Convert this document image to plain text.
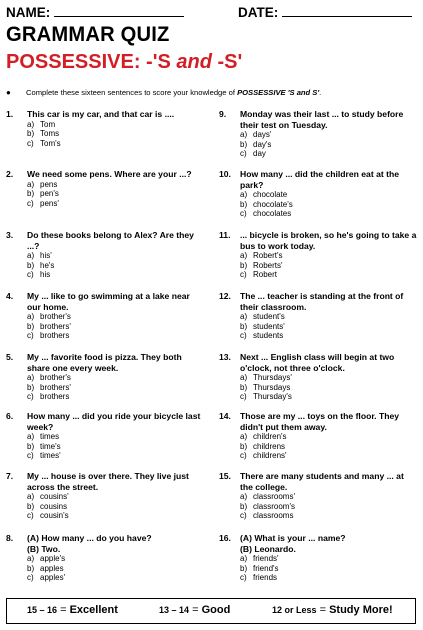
NAME:	DATE:
GRAMMAR QUIZ
POSSESSIVE: -'S and -S'
● Complete these sixteen sentences to score your knowledge of POSSESSIVE 'S and S'.
1.	This car is my car, and that car is ....
a) Tom
b) Toms
c) Tom's
2.	We need some pens. Where are your ...?
a) pens
b) pen's
c) pens'
3.	Do these books belong to Alex? Are they ...?
a) his'
b) he's
c) his
4.	My ... like to go swimming at a lake near our home.
a) brother's
b) brothers'
c) brothers
5.	My ... favorite food is pizza. They both share one every week.
a) brother's
b) brothers'
c) brothers
6.	How many ... did you ride your bicycle last week?
a) times
b) time's
c) times'
7.	My ... house is over there. They live just across the street.
a) cousins'
b) cousins
c) cousin's
8.	(A) How many ... do you have?
(B) Two.
a) apple's
b) apples
c) apples'
9.	Monday was their last ... to study before their test on Tuesday.
a) days'
b) day's
c) day
10.	How many ... did the children eat at the park?
a) chocolate
b) chocolate's
c) chocolates
11.	... bicycle is broken, so he's going to take a bus to work today.
a) Robert's
b) Roberts'
c) Robert
12.	The ... teacher is standing at the front of their classroom.
a) student's
b) students'
c) students
13.	Next ... English class will begin at two o'clock, not three o'clock.
a) Thursdays'
b) Thursdays
c) Thursday's
14.	Those are my ... toys on the floor. They didn't put them away.
a) children's
b) childrens
c) childrens'
15.	There are many students and many ... at the college.
a) classrooms'
b) classroom's
c) classrooms
16.	(A) What is your ... name?
(B) Leonardo.
a) friends'
b) friend's
c) friends
15 – 16 = Excellent	13 – 14 = Good	12 or Less = Study More!
